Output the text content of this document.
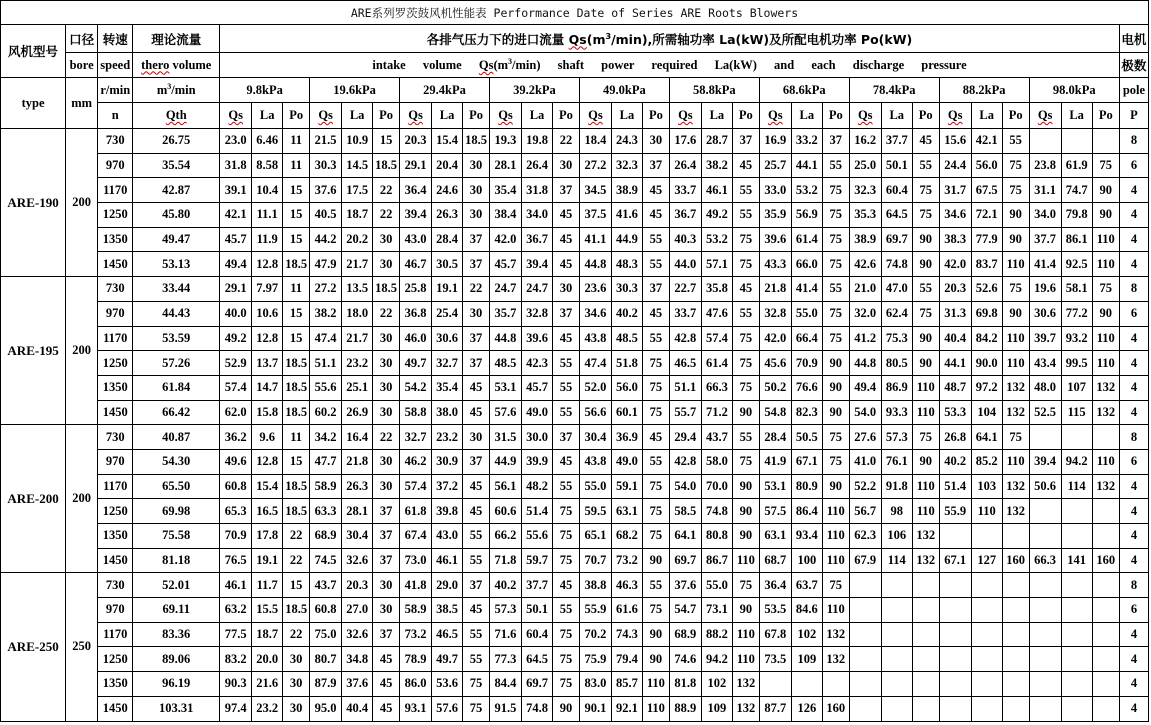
ARE系列罗茨鼓风机性能表 Performance Date of Series ARE Roots Blowers
风机型号	口径	转速	理论流量	各排气压力下的进口流量 $Qs(m^3/\min)$,所需轴功率 La(kW)及所配电机功率 Po(kW)																														电机
	bore	speed	thero volume	intake volume $Qs(m^3/\min)$ shaft power required La(kW) and each discharge pressure																														极数
type	mm	r/min	$m^3/\min$	9.8kPa			19.6kPa			29.4kPa			39.2kPa			49.0kPa			58.8kPa			68.6kPa			78.4kPa			88.2kPa			98.0kPa			pole
		n	Qth	Qs	La	Po	Qs	La	Po	Qs	La	Po	Qs	La	Po	Qs	La	Po	Qs	La	Po	Qs	La	Po	Qs	La	Po	Qs	La	Po	Qs	La	Po	P
ARE-190	200	730	26.75	23.0	6.46	11	21.5	10.9	15	20.3	15.4	18.5	19.3	19.8	22	18.4	24.3	30	17.6	28.7	37	16.9	33.2	37	16.2	37.7	45	15.6	42.1	55				8
		970	35.54	31.8	8.58	11	30.3	14.5	18.5	29.1	20.4	30	28.1	26.4	30	27.2	32.3	37	26.4	38.2	45	25.7	44.1	55	25.0	50.1	55	24.4	56.0	75	23.8	61.9	75	6
		1170	42.87	39.1	10.4	15	37.6	17.5	22	36.4	24.6	30	35.4	31.8	37	34.5	38.9	45	33.7	46.1	55	33.0	53.2	75	32.3	60.4	75	31.7	67.5	75	31.1	74.7	90	4
		1250	45.80	42.1	11.1	15	40.5	18.7	22	39.4	26.3	30	38.4	34.0	45	37.5	41.6	45	36.7	49.2	55	35.9	56.9	75	35.3	64.5	75	34.6	72.1	90	34.0	79.8	90	4
		1350	49.47	45.7	11.9	15	44.2	20.2	30	43.0	28.4	37	42.0	36.7	45	41.1	44.9	55	40.3	53.2	75	39.6	61.4	75	38.9	69.7	90	38.3	77.9	90	37.7	86.1	110	4
		1450	53.13	49.4	12.8	18.5	47.9	21.7	30	46.7	30.5	37	45.7	39.4	45	44.8	48.3	55	44.0	57.1	75	43.3	66.0	75	42.6	74.8	90	42.0	83.7	110	41.4	92.5	110	4
ARE-195	200	730	33.44	29.1	7.97	11	27.2	13.5	18.5	25.8	19.1	22	24.7	24.7	30	23.6	30.3	37	22.7	35.8	45	21.8	41.4	55	21.0	47.0	55	20.3	52.6	75	19.6	58.1	75	8
		970	44.43	40.0	10.6	15	38.2	18.0	22	36.8	25.4	30	35.7	32.8	37	34.6	40.2	45	33.7	47.6	55	32.8	55.0	75	32.0	62.4	75	31.3	69.8	90	30.6	77.2	90	6
		1170	53.59	49.2	12.8	15	47.4	21.7	30	46.0	30.6	37	44.8	39.6	45	43.8	48.5	55	42.8	57.4	75	42.0	66.4	75	41.2	75.3	90	40.4	84.2	110	39.7	93.2	110	4
		1250	57.26	52.9	13.7	18.5	51.1	23.2	30	49.7	32.7	37	48.5	42.3	55	47.4	51.8	75	46.5	61.4	75	45.6	70.9	90	44.8	80.5	90	44.1	90.0	110	43.4	99.5	110	4
		1350	61.84	57.4	14.7	18.5	55.6	25.1	30	54.2	35.4	45	53.1	45.7	55	52.0	56.0	75	51.1	66.3	75	50.2	76.6	90	49.4	86.9	110	48.7	97.2	132	48.0	107	132	4
		1450	66.42	62.0	15.8	18.5	60.2	26.9	30	58.8	38.0	45	57.6	49.0	55	56.6	60.1	75	55.7	71.2	90	54.8	82.3	90	54.0	93.3	110	53.3	104	132	52.5	115	132	4
ARE-200	200	730	40.87	36.2	9.6	11	34.2	16.4	22	32.7	23.2	30	31.5	30.0	37	30.4	36.9	45	29.4	43.7	55	28.4	50.5	75	27.6	57.3	75	26.8	64.1	75				8
		970	54.30	49.6	12.8	15	47.7	21.8	30	46.2	30.9	37	44.9	39.9	45	43.8	49.0	55	42.8	58.0	75	41.9	67.1	75	41.0	76.1	90	40.2	85.2	110	39.4	94.2	110	6
		1170	65.50	60.8	15.4	18.5	58.9	26.3	30	57.4	37.2	45	56.1	48.2	55	55.0	59.1	75	54.0	70.0	90	53.1	80.9	90	52.2	91.8	110	51.4	103	132	50.6	114	132	4
		1250	69.98	65.3	16.5	18.5	63.3	28.1	37	61.8	39.8	45	60.6	51.4	75	59.5	63.1	75	58.5	74.8	90	57.5	86.4	110	56.7	98	110	55.9	110	132				4
		1350	75.58	70.9	17.8	22	68.9	30.4	37	67.4	43.0	55	66.2	55.6	75	65.1	68.2	75	64.1	80.8	90	63.1	93.4	110	62.3	106	132							4
		1450	81.18	76.5	19.1	22	74.5	32.6	37	73.0	46.1	55	71.8	59.7	75	70.7	73.2	90	69.7	86.7	110	68.7	100	110	67.9	114	132	67.1	127	160	66.3	141	160	4
ARE-250	250	730	52.01	46.1	11.7	15	43.7	20.3	30	41.8	29.0	37	40.2	37.7	45	38.8	46.3	55	37.6	55.0	75	36.4	63.7	75										8
		970	69.11	63.2	15.5	18.5	60.8	27.0	30	58.9	38.5	45	57.3	50.1	55	55.9	61.6	75	54.7	73.1	90	53.5	84.6	110										6
		1170	83.36	77.5	18.7	22	75.0	32.6	37	73.2	46.5	55	71.6	60.4	75	70.2	74.3	90	68.9	88.2	110	67.8	102	132										4
		1250	89.06	83.2	20.0	30	80.7	34.8	45	78.9	49.7	55	77.3	64.5	75	75.9	79.4	90	74.6	94.2	110	73.5	109	132										4
		1350	96.19	90.3	21.6	30	87.9	37.6	45	86.0	53.6	75	84.4	69.7	75	83.0	85.7	110	81.8	102	132													4
		1450	103.31	97.4	23.2	30	95.0	40.4	45	93.1	57.6	75	91.5	74.8	90	90.1	92.1	110	88.9	109	132	87.7	126	160										4
